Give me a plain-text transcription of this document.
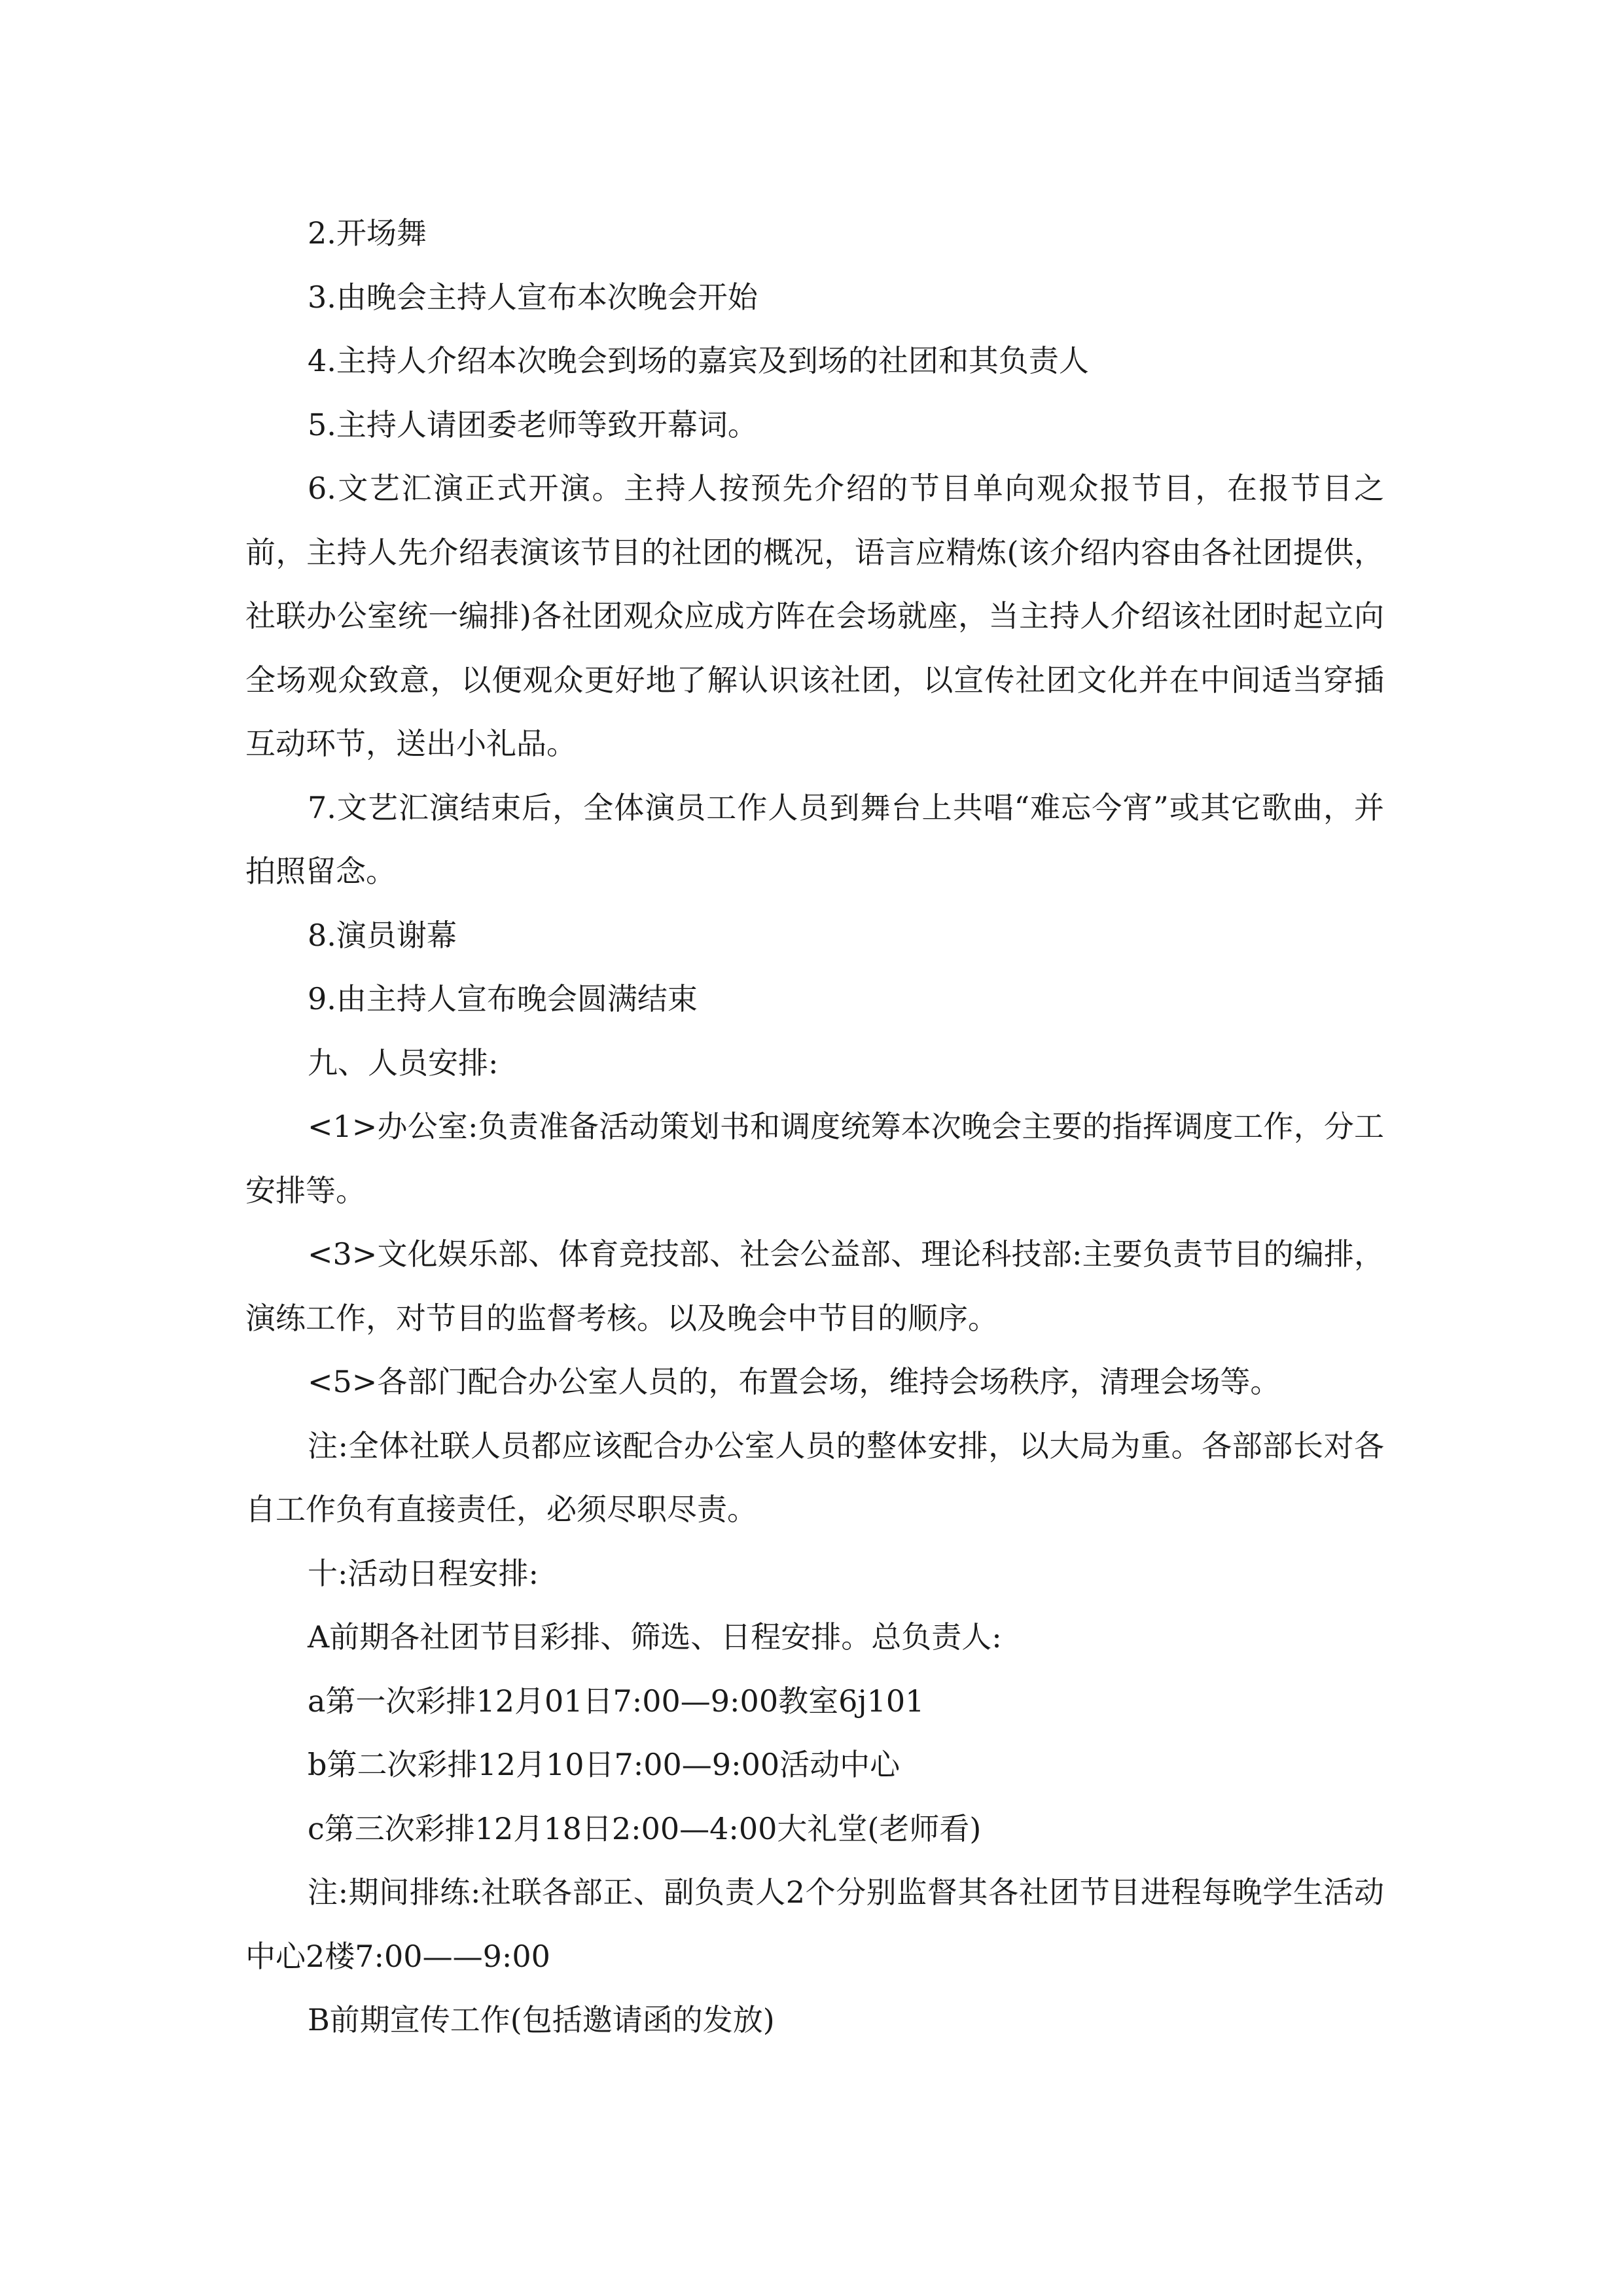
2.开场舞

3.由晚会主持人宣布本次晚会开始

4.主持人介绍本次晚会到场的嘉宾及到场的社团和其负责人

5.主持人请团委老师等致开幕词。

6.文艺汇演正式开演。主持人按预先介绍的节目单向观众报节目，在报节目之前，主持人先介绍表演该节目的社团的概况，语言应精炼(该介绍内容由各社团提供，社联办公室统一编排)各社团观众应成方阵在会场就座，当主持人介绍该社团时起立向全场观众致意，以便观众更好地了解认识该社团，以宣传社团文化并在中间适当穿插互动环节，送出小礼品。

7.文艺汇演结束后，全体演员工作人员到舞台上共唱“难忘今宵”或其它歌曲，并拍照留念。

8.演员谢幕

9.由主持人宣布晚会圆满结束

九、人员安排:

<1>办公室:负责准备活动策划书和调度统筹本次晚会主要的指挥调度工作，分工安排等。

<3>文化娱乐部、体育竞技部、社会公益部、理论科技部:主要负责节目的编排，演练工作，对节目的监督考核。以及晚会中节目的顺序。

<5>各部门配合办公室人员的，布置会场，维持会场秩序，清理会场等。

注:全体社联人员都应该配合办公室人员的整体安排，以大局为重。各部部长对各自工作负有直接责任，必须尽职尽责。

十:活动日程安排:

A前期各社团节目彩排、筛选、日程安排。总负责人:

a第一次彩排12月01日7:00—9:00教室6j101

b第二次彩排12月10日7:00—9:00活动中心

c第三次彩排12月18日2:00—4:00大礼堂(老师看)

注:期间排练:社联各部正、副负责人2个分别监督其各社团节目进程每晚学生活动中心2楼7:00——9:00

B前期宣传工作(包括邀请函的发放)
